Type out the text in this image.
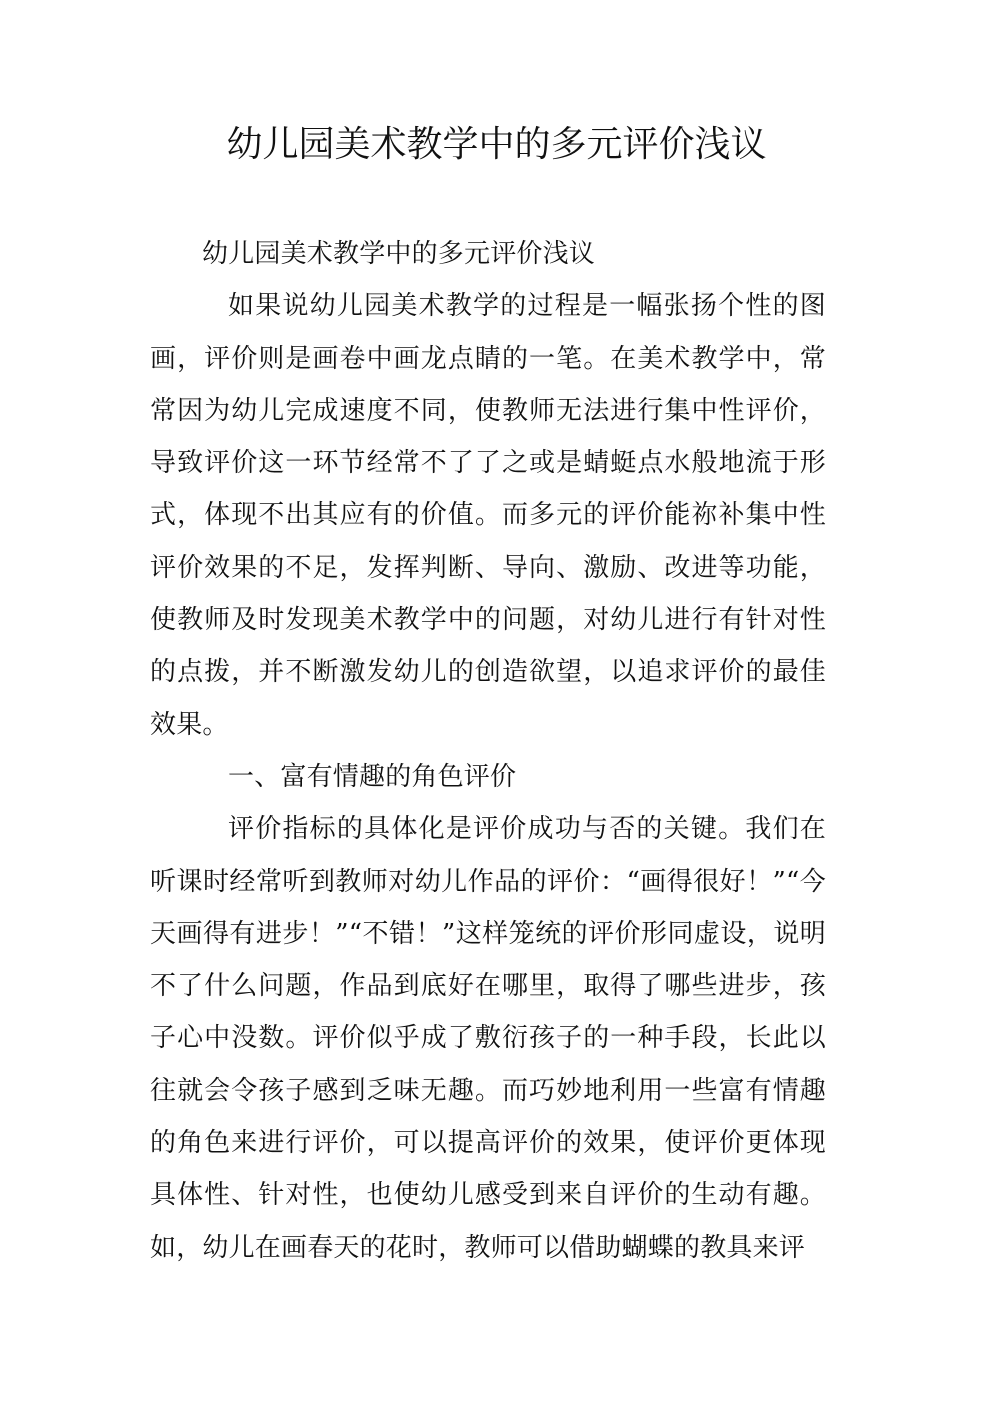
幼儿园美术教学中的多元评价浅议

幼儿园美术教学中的多元评价浅议

如果说幼儿园美术教学的过程是一幅张扬个性的图画，评价则是画卷中画龙点睛的一笔。在美术教学中，常常因为幼儿完成速度不同，使教师无法进行集中性评价，导致评价这一环节经常不了了之或是蜻蜓点水般地流于形式，体现不出其应有的价值。而多元的评价能祢补集中性评价效果的不足，发挥判断、导向、激励、改进等功能，使教师及时发现美术教学中的问题，对幼儿进行有针对性的点拨，并不断激发幼儿的创造欲望，以追求评价的最佳效果。

一、富有情趣的角色评价

评价指标的具体化是评价成功与否的关键。我们在听课时经常听到教师对幼儿作品的评价：“画得很好！”“今天画得有进步！”“不错！”这样笼统的评价形同虚设，说明不了什么问题，作品到底好在哪里，取得了哪些进步，孩子心中没数。评价似乎成了敷衍孩子的一种手段，长此以往就会令孩子感到乏味无趣。而巧妙地利用一些富有情趣的角色来进行评价，可以提高评价的效果，使评价更体现具体性、针对性，也使幼儿感受到来自评价的生动有趣。如，幼儿在画春天的花时，教师可以借助蝴蝶的教具来评
